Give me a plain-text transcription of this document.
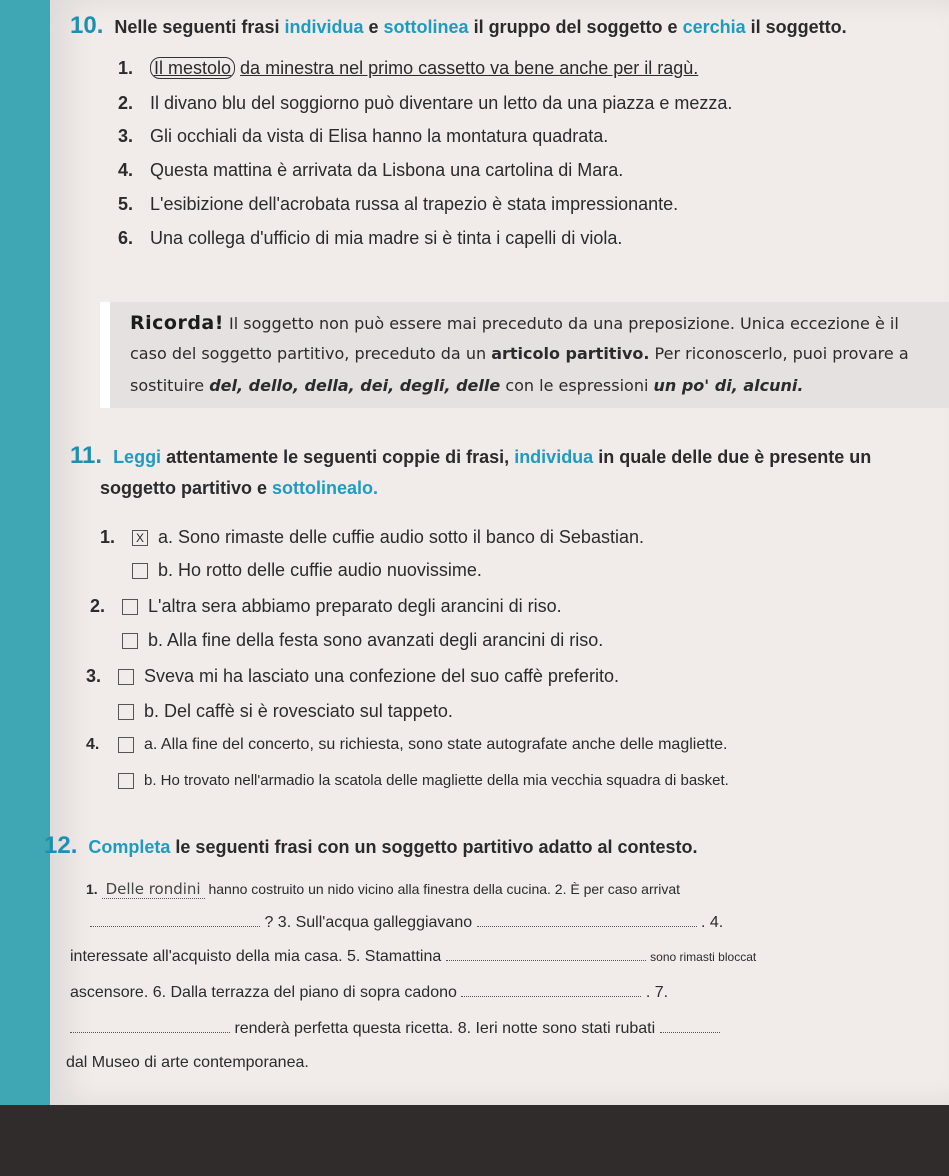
10. Nelle seguenti frasi individua e sottolinea il gruppo del soggetto e cerchia il soggetto.
1. Il mestolo da minestra nel primo cassetto va bene anche per il ragù.
2. Il divano blu del soggiorno può diventare un letto da una piazza e mezza.
3. Gli occhiali da vista di Elisa hanno la montatura quadrata.
4. Questa mattina è arrivata da Lisbona una cartolina di Mara.
5. L'esibizione dell'acrobata russa al trapezio è stata impressionante.
6. Una collega d'ufficio di mia madre si è tinta i capelli di viola.
Ricorda! Il soggetto non può essere mai preceduto da una preposizione. Unica eccezione è il
caso del soggetto partitivo, preceduto da un articolo partitivo. Per riconoscerlo, puoi provare a
sostituire del, dello, della, dei, degli, delle con le espressioni un po' di, alcuni.
11. Leggi attentamente le seguenti coppie di frasi, individua in quale delle due è presente un
soggetto partitivo e sottolinealo.
1. X a. Sono rimaste delle cuffie audio sotto il banco di Sebastian.
b. Ho rotto delle cuffie audio nuovissime.
2. L'altra sera abbiamo preparato degli arancini di riso.
b. Alla fine della festa sono avanzati degli arancini di riso.
3. Sveva mi ha lasciato una confezione del suo caffè preferito.
b. Del caffè si è rovesciato sul tappeto.
4.	a. Alla fine del concerto, su richiesta, sono state autografate anche delle magliette.
b. Ho trovato nell'armadio la scatola delle magliette della mia vecchia squadra di basket.
12. Completa le seguenti frasi con un soggetto partitivo adatto al contesto.
1. Delle rondini hanno costruito un nido vicino alla finestra della cucina. 2. È per caso arrivat
? 3. Sull'acqua galleggiavano	. 4.
interessate all'acquisto della mia casa. 5. Stamattina	sono rimasti bloccat
ascensore. 6. Dalla terrazza del piano di sopra cadono	. 7.
renderà perfetta questa ricetta. 8. Ieri notte sono stati rubati
dal Museo di arte contemporanea.
